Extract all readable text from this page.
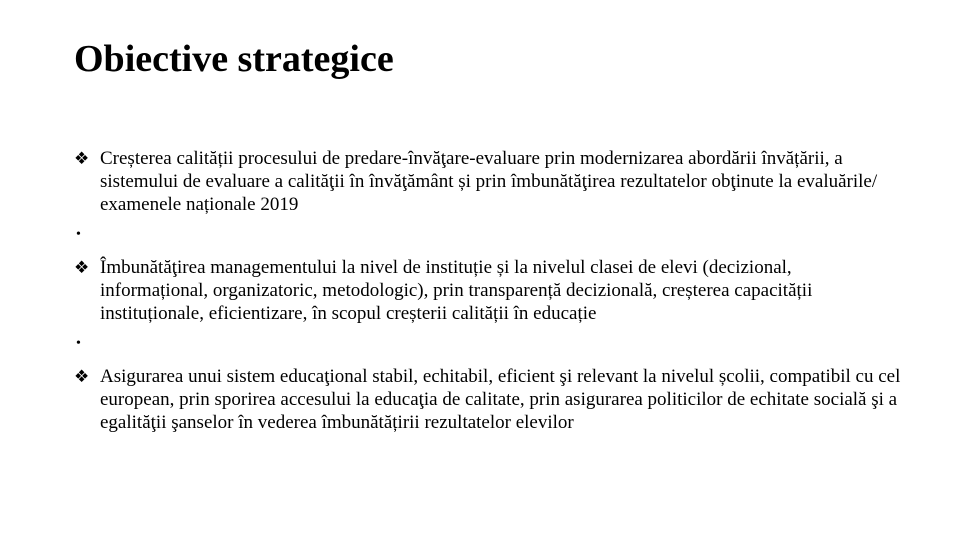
Obiective strategice
❖ Creșterea calității procesului de predare-învăţare-evaluare prin modernizarea abordării învățării, a sistemului de evaluare a calităţii în învăţământ și prin îmbunătăţirea rezultatelor obţinute la evaluările/ examenele naționale 2019
•
❖ Îmbunătăţirea managementului la nivel de instituție și la nivelul clasei de elevi (decizional, informațional, organizatoric, metodologic), prin transparență decizională, creșterea capacității instituționale, eficientizare, în scopul creșterii calității în educație
•
❖ Asigurarea unui sistem educaţional stabil, echitabil, eficient şi relevant la nivelul școlii, compatibil cu cel european, prin sporirea accesului la educaţia de calitate, prin asigurarea politicilor de echitate socială şi a egalităţii şanselor în vederea îmbunătățirii rezultatelor elevilor
